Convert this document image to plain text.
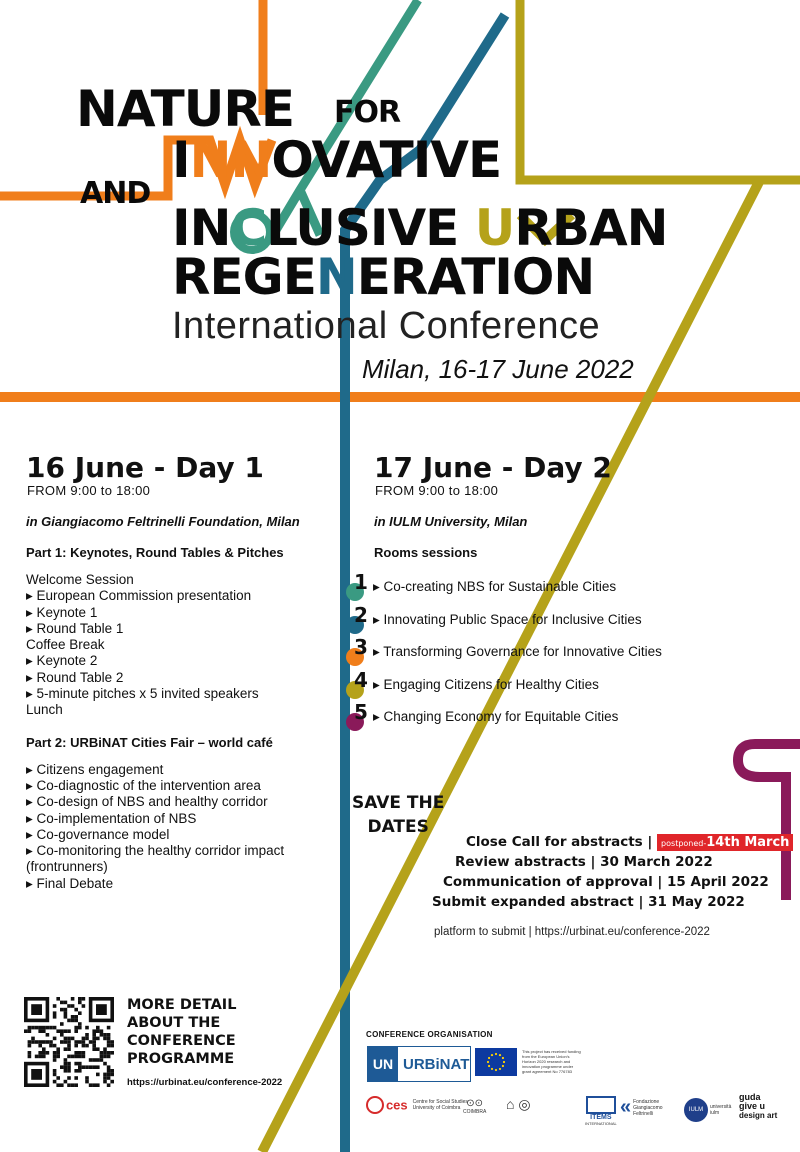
NATURE FOR
AND
INNOVATIVE
INCLUSIVE URBAN
REGENERATION
International Conference
Milan, 16-17 June 2022

16 June - Day 1

FROM 9:00 to 18:00

in Giangiacomo Feltrinelli Foundation, Milan

Part 1: Keynotes, Round Tables & Pitches

Welcome Session
▸ European Commission presentation
▸ Keynote 1
▸ Round Table 1
Coffee Break
▸ Keynote 2
▸ Round Table 2
▸ 5-minute pitches x 5 invited speakers
Lunch

Part 2: URBiNAT Cities Fair – world café

▸ Citizens engagement
▸ Co-diagnostic of the intervention area
▸ Co-design of NBS and healthy corridor
▸ Co-implementation of NBS
▸ Co-governance model
▸ Co-monitoring the healthy corridor impact
(frontrunners)
▸ Final Debate

17 June - Day 2

FROM 9:00 to 18:00

in IULM University, Milan

Rooms sessions

1 ▸ Co-creating NBS for Sustainable Cities
2 ▸ Innovating Public Space for Inclusive Cities
3 ▸ Transforming Governance for Innovative Cities
4 ▸ Engaging Citizens for Healthy Cities
5 ▸ Changing Economy for Equitable Cities
SAVE THE
DATES
Close Call for abstracts | postponed-14th March
Review abstracts | 30 March 2022
Communication of approval | 15 April 2022
Submit expanded abstract | 31 May 2022
platform to submit | https://urbinat.eu/conference-2022
MORE DETAIL
ABOUT THE
CONFERENCE
PROGRAMME
https://urbinat.eu/conference-2022
CONFERENCE ORGANISATION
UN URBiNAT
This project has received funding from the European Union's Horizon 2020 research and innovation programme under grant agreement No 776783
ces Centre for Social Studies
University of Coimbra ⊙⊙
COIMBRA ⌂ ◎
ITEMS
INTERNATIONAL
« Fondazione Giangiacomo Feltrinelli
IULM università iulm
guda
give u
design art
